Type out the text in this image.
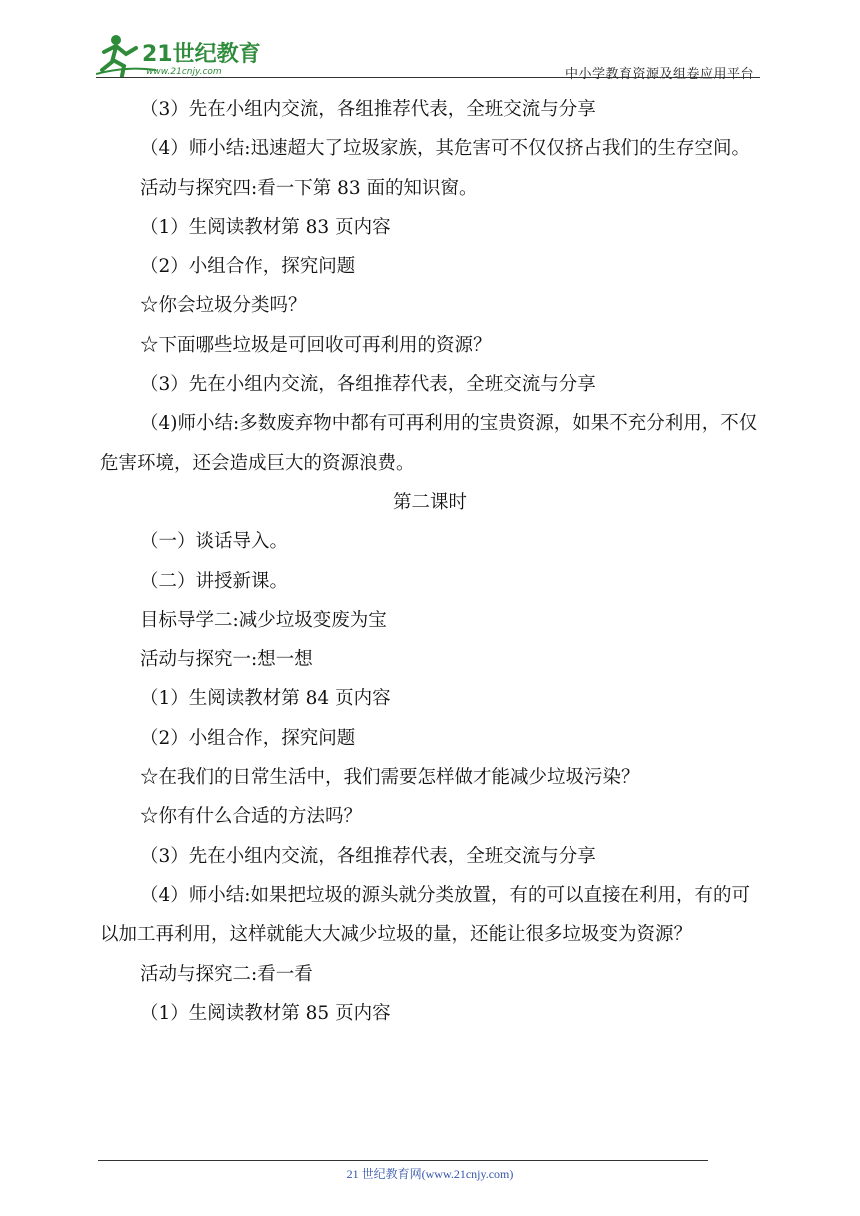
21世纪教育
www.21cnjy.com	中小学教育资源及组卷应用平台

（3）先在小组内交流，各组推荐代表，全班交流与分享

（4）师小结:迅速超大了垃圾家族，其危害可不仅仅挤占我们的生存空间。

活动与探究四:看一下第 83 面的知识窗。

（1）生阅读教材第 83 页内容

（2）小组合作，探究问题

☆你会垃圾分类吗？

☆下面哪些垃圾是可回收可再利用的资源？

（3）先在小组内交流，各组推荐代表，全班交流与分享

（4)师小结:多数废弃物中都有可再利用的宝贵资源，如果不充分利用，不仅危害环境，还会造成巨大的资源浪费。

第二课时

（一）谈话导入。

（二）讲授新课。

目标导学二:减少垃圾变废为宝

活动与探究一:想一想

（1）生阅读教材第 84 页内容

（2）小组合作，探究问题

☆在我们的日常生活中，我们需要怎样做才能减少垃圾污染？

☆你有什么合适的方法吗？

（3）先在小组内交流，各组推荐代表，全班交流与分享

（4）师小结:如果把垃圾的源头就分类放置，有的可以直接在利用，有的可以加工再利用，这样就能大大减少垃圾的量，还能让很多垃圾变为资源？

活动与探究二:看一看

（1）生阅读教材第 85 页内容

21 世纪教育网(www.21cnjy.com)
